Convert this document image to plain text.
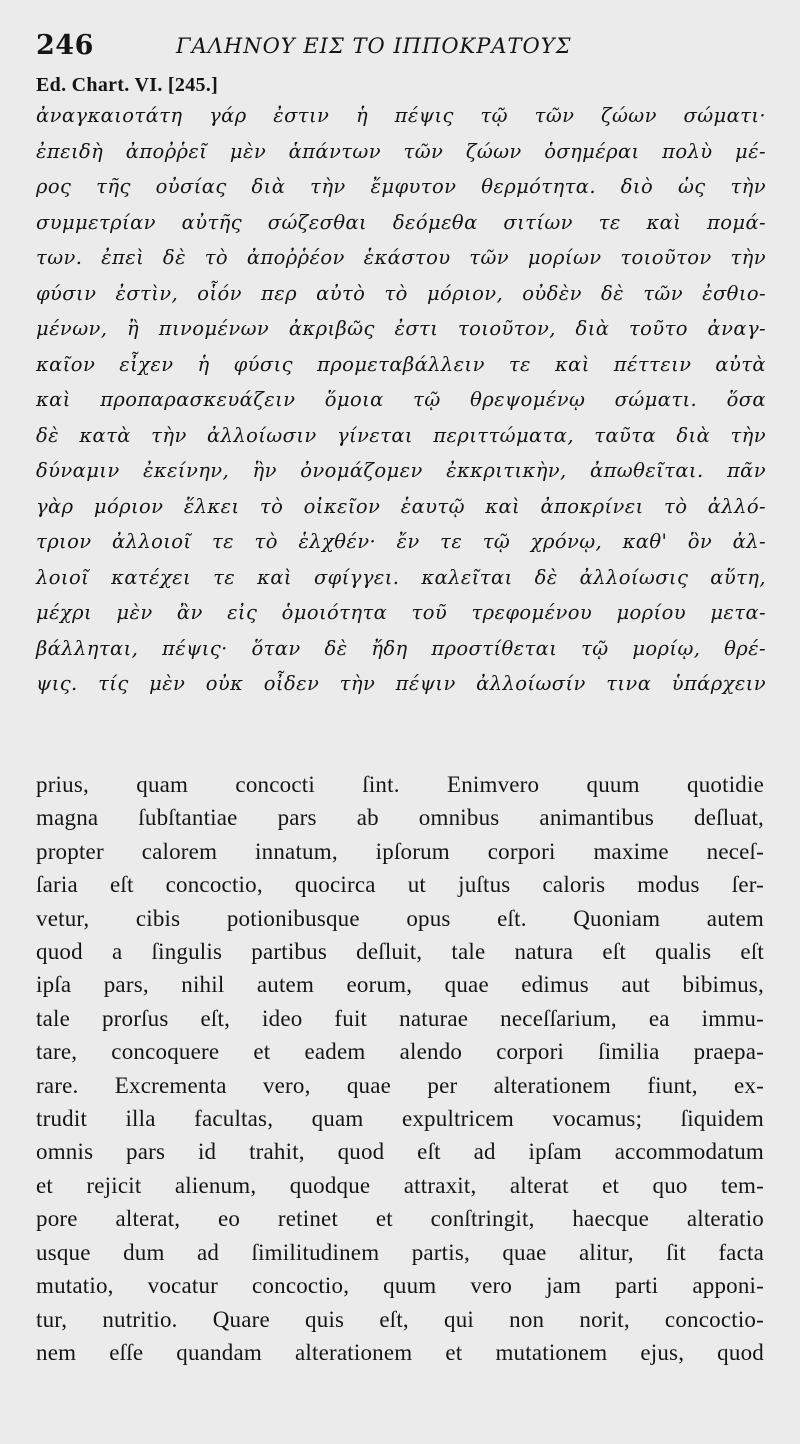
246	ΓΑΛΗΝΟΥ ΕΙΣ ΤΟ ΙΠΠΟΚΡΑΤΟΥΣ
Ed. Chart. VI. [245.]
ἀναγκαιοτάτη γάρ ἐστιν ἡ πέψις τῷ τῶν ζώων σώματι·
ἐπειδὴ ἀποῤῥεῖ μὲν ἁπάντων τῶν ζώων ὁσημέραι πολὺ μέ-
ρος τῆς οὐσίας διὰ τὴν ἔμφυτον θερμότητα. διὸ ὡς τὴν
συμμετρίαν αὐτῆς σώζεσθαι δεόμεθα σιτίων τε καὶ πομά-
των. ἐπεὶ δὲ τὸ ἀποῤῥέον ἑκάστου τῶν μορίων τοιοῦτον τὴν
φύσιν ἐστὶν, οἷόν περ αὐτὸ τὸ μόριον, οὐδὲν δὲ τῶν ἐσθιο-
μένων, ἢ πινομένων ἀκριβῶς ἐστι τοιοῦτον, διὰ τοῦτο ἀναγ-
καῖον εἶχεν ἡ φύσις προμεταβάλλειν τε καὶ πέττειν αὐτὰ
καὶ προπαρασκευάζειν ὅμοια τῷ θρεψομένῳ σώματι. ὅσα
δὲ κατὰ τὴν ἀλλοίωσιν γίνεται περιττώματα, ταῦτα διὰ τὴν
δύναμιν ἐκείνην, ἣν ὀνομάζομεν ἐκκριτικὴν, ἀπωθεῖται. πᾶν
γὰρ μόριον ἕλκει τὸ οἰκεῖον ἑαυτῷ καὶ ἀποκρίνει τὸ ἀλλό-
τριον ἀλλοιοῖ τε τὸ ἑλχθέν· ἔν τε τῷ χρόνῳ, καθ' ὃν ἀλ-
λοιοῖ κατέχει τε καὶ σφίγγει. καλεῖται δὲ ἀλλοίωσις αὕτη,
μέχρι μὲν ἂν εἰς ὁμοιότητα τοῦ τρεφομένου μορίου μετα-
βάλληται, πέψις· ὅταν δὲ ἤδη προστίθεται τῷ μορίῳ, θρέ-
ψις. τίς μὲν οὐκ οἶδεν τὴν πέψιν ἀλλοίωσίν τινα ὑπάρχειν
prius, quam concocti ſint. Enimvero quum quotidie
magna ſubſtantiae pars ab omnibus animantibus deſluat,
propter calorem innatum, ipſorum corpori maxime neceſ-
ſaria eſt concoctio, quocirca ut juſtus caloris modus ſer-
vetur, cibis potionibusque opus eſt. Quoniam autem
quod a ſingulis partibus deſluit, tale natura eſt qualis eſt
ipſa pars, nihil autem eorum, quae edimus aut bibimus,
tale prorſus eſt, ideo fuit naturae neceſſarium, ea immu-
tare, concoquere et eadem alendo corpori ſimilia praepa-
rare. Excrementa vero, quae per alterationem fiunt, ex-
trudit illa facultas, quam expultricem vocamus; ſiquidem
omnis pars id trahit, quod eſt ad ipſam accommodatum
et rejicit alienum, quodque attraxit, alterat et quo tem-
pore alterat, eo retinet et conſtringit, haecque alteratio
usque dum ad ſimilitudinem partis, quae alitur, ſit facta
mutatio, vocatur concoctio, quum vero jam parti apponi-
tur, nutritio. Quare quis eſt, qui non norit, concoctio-
nem eſſe quandam alterationem et mutationem ejus, quod
